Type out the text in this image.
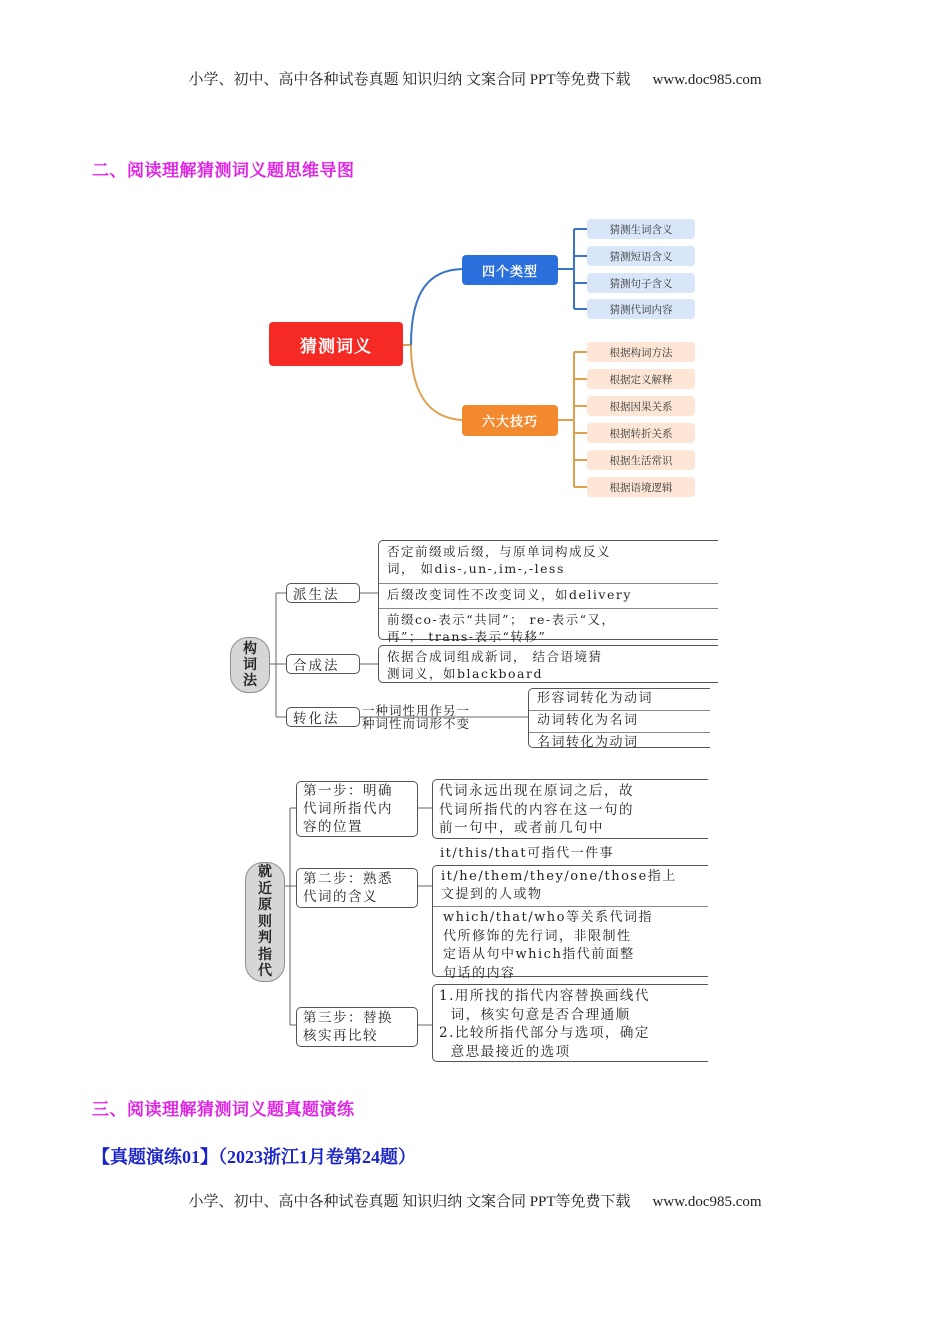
小学、初中、高中各种试卷真题 知识归纳 文案合同 PPT等免费下载 www.doc985.com
二、阅读理解猜测词义题思维导图
猜测词义
四个类型
六大技巧
猜测生词含义
猜测短语含义
猜测句子含义
猜测代词内容
根据构词方法
根据定义解释
根据因果关系
根据转折关系
根据生活常识
根据语境逻辑
构
词
法
派生法
合成法
转化法
否定前缀或后缀，与原单词构成反义
词， 如dis-,un-,im-,-less
后缀改变词性不改变词义，如delivery
前缀co-表示“共同”； re-表示“又，
再”； trans-表示“转移”
依据合成词组成新词， 结合语境猜
测词义，如blackboard
一种词性用作另一
种词性而词形不变
形容词转化为动词
动词转化为名词
名词转化为动词
就
近
原
则
判
指
代
第一步：明确
代词所指代内
容的位置
第二步：熟悉
代词的含义
第三步：替换
核实再比较
代词永远出现在原词之后，故
代词所指代的内容在这一句的
前一句中，或者前几句中
it/this/that可指代一件事
it/he/them/they/one/those指上
文提到的人或物
which/that/who等关系代词指
代所修饰的先行词，非限制性
定语从句中which指代前面整
句话的内容
1.用所找的指代内容替换画线代
词，核实句意是否合理通顺
2.比较所指代部分与选项，确定
意思最接近的选项
三、阅读理解猜测词义题真题演练
【真题演练01】（2023浙江1月卷第24题）
小学、初中、高中各种试卷真题 知识归纳 文案合同 PPT等免费下载 www.doc985.com
